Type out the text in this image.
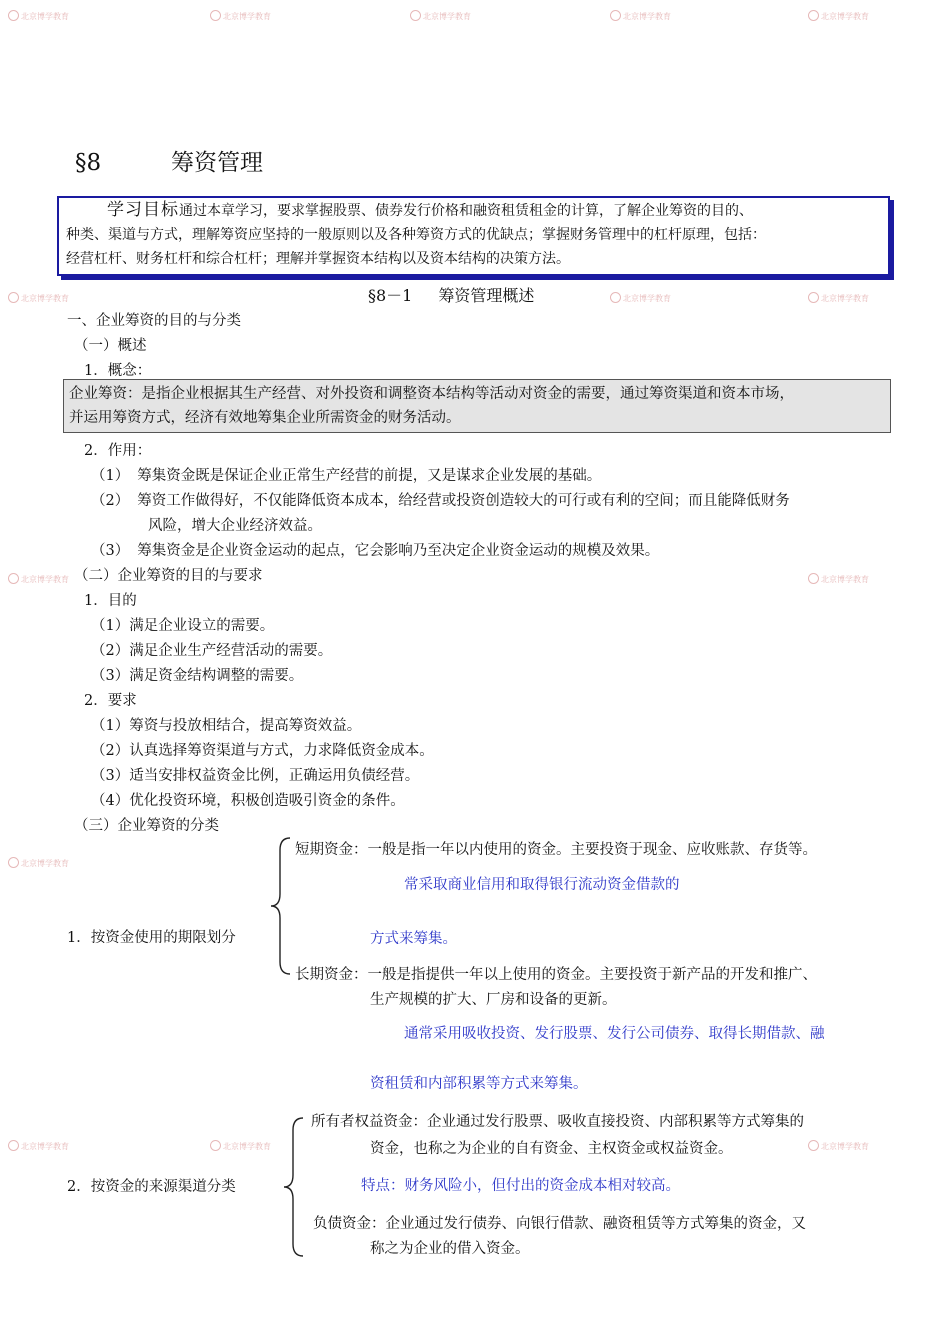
北京博学教育	北京博学教育	北京博学教育	北京博学教育	北京博学教育
北京博学教育	北京博学教育	北京博学教育
北京博学教育	北京博学教育
北京博学教育
北京博学教育	北京博学教育	北京博学教育
§8	筹资管理

学习目标通过本章学习，要求掌握股票、债券发行价格和融资租赁租金的计算，了解企业筹资的目的、

种类、渠道与方式，理解筹资应坚持的一般原则以及各种筹资方式的优缺点；掌握财务管理中的杠杆原理，包括：

经营杠杆、财务杠杆和综合杠杆；理解并掌握资本结构以及资本结构的决策方法。

§8－1 筹资管理概述
一、企业筹资的目的与分类
（一）概述
1．概念：
企业筹资：是指企业根据其生产经营、对外投资和调整资本结构等活动对资金的需要，通过筹资渠道和资本市场，
并运用筹资方式，经济有效地筹集企业所需资金的财务活动。
2．作用：
（1） 筹集资金既是保证企业正常生产经营的前提，又是谋求企业发展的基础。
（2） 筹资工作做得好，不仅能降低资本成本，给经营或投资创造较大的可行或有利的空间；而且能降低财务
风险，增大企业经济效益。
（3） 筹集资金是企业资金运动的起点，它会影响乃至决定企业资金运动的规模及效果。
（二）企业筹资的目的与要求
1．目的
（1）满足企业设立的需要。
（2）满足企业生产经营活动的需要。
（3）满足资金结构调整的需要。
2．要求
（1）筹资与投放相结合，提高筹资效益。
（2）认真选择筹资渠道与方式，力求降低资金成本。
（3）适当安排权益资金比例，正确运用负债经营。
（4）优化投资环境，积极创造吸引资金的条件。
（三）企业筹资的分类
短期资金：一般是指一年以内使用的资金。主要投资于现金、应收账款、存货等。
常采取商业信用和取得银行流动资金借款的
1．按资金使用的期限划分	方式来筹集。
长期资金：一般是指提供一年以上使用的资金。主要投资于新产品的开发和推广、
生产规模的扩大、厂房和设备的更新。
通常采用吸收投资、发行股票、发行公司债券、取得长期借款、融
资租赁和内部积累等方式来筹集。
所有者权益资金：企业通过发行股票、吸收直接投资、内部积累等方式筹集的
资金，也称之为企业的自有资金、主权资金或权益资金。
2．按资金的来源渠道分类	特点：财务风险小，但付出的资金成本相对较高。
负债资金：企业通过发行债券、向银行借款、融资租赁等方式筹集的资金，又
称之为企业的借入资金。
